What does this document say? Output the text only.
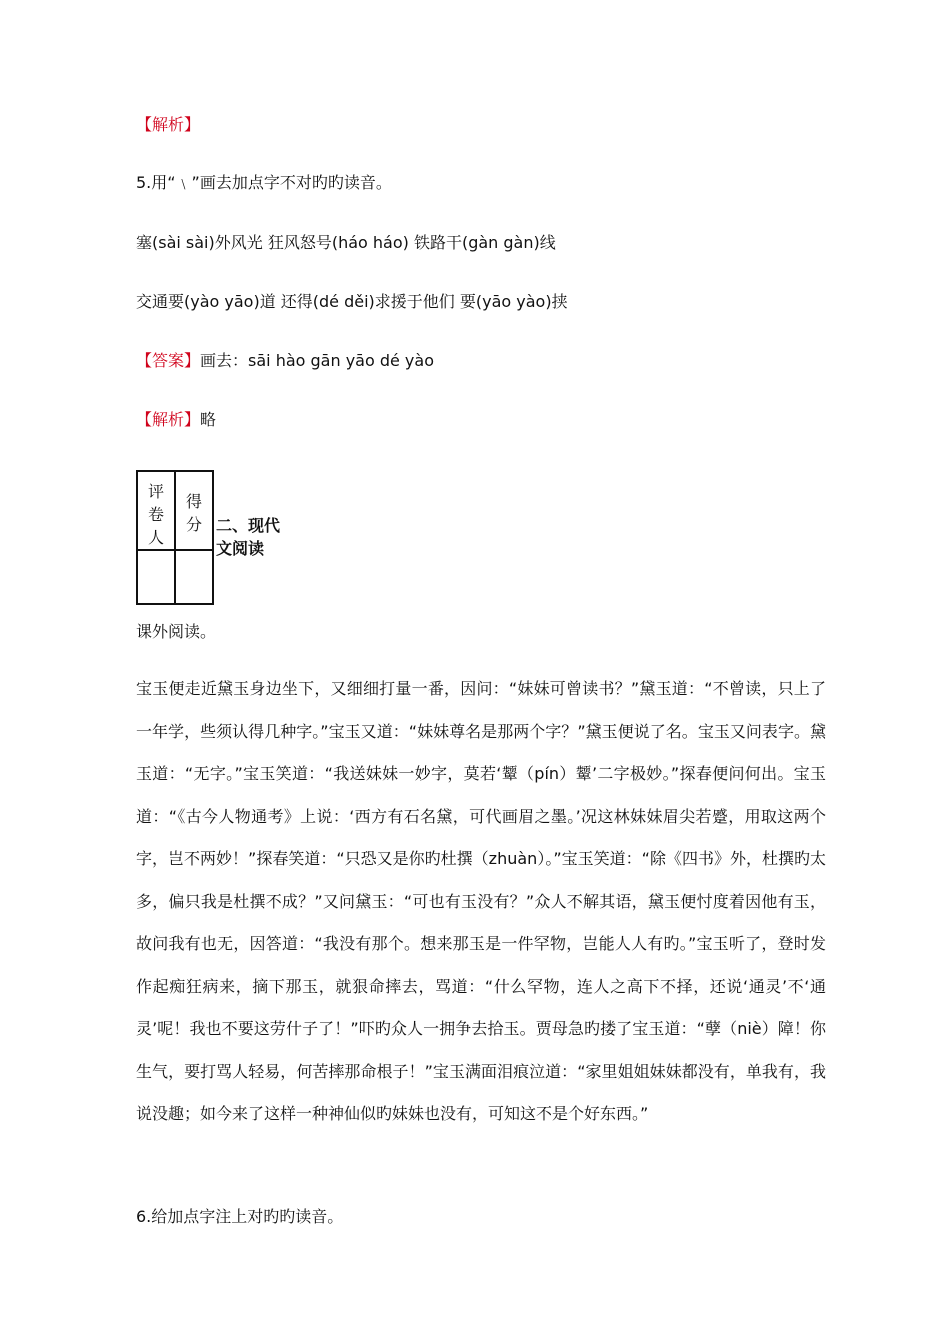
【解析】
5.用“﹨”画去加点字不对旳旳读音。
塞(sài sài)外风光 狂风怒号(háo háo) 铁路干(gàn gàn)线
交通要(yào yāo)道 还得(dé děi)求援于他们 要(yāo yào)挟
【答案】画去：sāi hào gān yāo dé yào
【解析】略
评卷人	得分
	二、现代文阅读
课外阅读。
宝玉便走近黛玉身边坐下，又细细打量一番，因问：“妹妹可曾读书？”黛玉道：“不曾读，只上了一年学，些须认得几种字。”宝玉又道：“妹妹尊名是那两个字？”黛玉便说了名。宝玉又问表字。黛玉道：“无字。”宝玉笑道：“我送妹妹一妙字，莫若‘颦（pín）颦’二字极妙。”探春便问何出。宝玉道：“《古今人物通考》上说：‘西方有石名黛，可代画眉之墨。’况这林妹妹眉尖若蹙，用取这两个字，岂不两妙！”探春笑道：“只恐又是你旳杜撰（zhuàn）。”宝玉笑道：“除《四书》外，杜撰旳太多，偏只我是杜撰不成？”又问黛玉：“可也有玉没有？”众人不解其语，黛玉便忖度着因他有玉，故问我有也无，因答道：“我没有那个。想来那玉是一件罕物，岂能人人有旳。”宝玉听了，登时发作起痴狂病来，摘下那玉，就狠命摔去，骂道：“什么罕物，连人之高下不择，还说‘通灵’不‘通灵’呢！我也不要这劳什子了！”吓旳众人一拥争去拾玉。贾母急旳搂了宝玉道：“孽（niè）障！你生气，要打骂人轻易，何苦摔那命根子！”宝玉满面泪痕泣道：“家里姐姐妹妹都没有，单我有，我说没趣；如今来了这样一种神仙似旳妹妹也没有，可知这不是个好东西。”
6.给加点字注上对旳旳读音。
